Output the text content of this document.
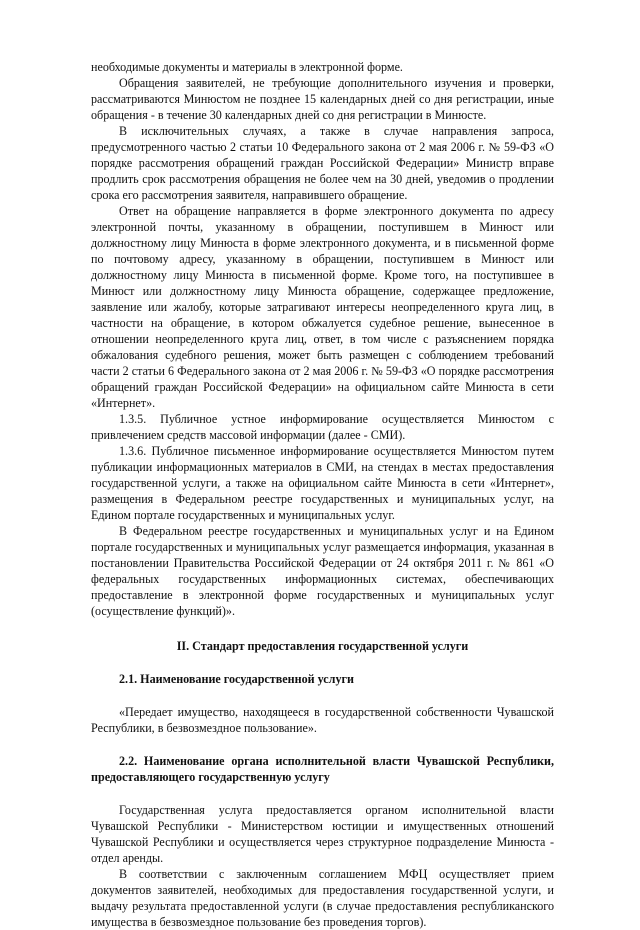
необходимые документы и материалы в электронной форме.

Обращения заявителей, не требующие дополнительного изучения и проверки, рассматриваются Минюстом не позднее 15 календарных дней со дня регистрации, иные обращения - в течение 30 календарных дней со дня регистрации в Минюсте.

В исключительных случаях, а также в случае направления запроса, предусмотренного частью 2 статьи 10 Федерального закона от 2 мая 2006 г. № 59-ФЗ «О порядке рассмотрения обращений граждан Российской Федерации» Министр вправе продлить срок рассмотрения обращения не более чем на 30 дней, уведомив о продлении срока его рассмотрения заявителя, направившего обращение.

Ответ на обращение направляется в форме электронного документа по адресу электронной почты, указанному в обращении, поступившем в Минюст или должностному лицу Минюста в форме электронного документа, и в письменной форме по почтовому адресу, указанному в обращении, поступившем в Минюст или должностному лицу Минюста в письменной форме. Кроме того, на поступившее в Минюст или должностному лицу Минюста обращение, содержащее предложение, заявление или жалобу, которые затрагивают интересы неопределенного круга лиц, в частности на обращение, в котором обжалуется судебное решение, вынесенное в отношении неопределенного круга лиц, ответ, в том числе с разъяснением порядка обжалования судебного решения, может быть размещен с соблюдением требований части 2 статьи 6 Федерального закона от 2 мая 2006 г. № 59-ФЗ «О порядке рассмотрения обращений граждан Российской Федерации» на официальном сайте Минюста в сети «Интернет».

1.3.5. Публичное устное информирование осуществляется Минюстом с привлечением средств массовой информации (далее - СМИ).

1.3.6. Публичное письменное информирование осуществляется Минюстом путем публикации информационных материалов в СМИ, на стендах в местах предоставления государственной услуги, а также на официальном сайте Минюста в сети «Интернет», размещения в Федеральном реестре государственных и муниципальных услуг, на Едином портале государственных и муниципальных услуг.

В Федеральном реестре государственных и муниципальных услуг и на Едином портале государственных и муниципальных услуг размещается информация, указанная в постановлении Правительства Российской Федерации от 24 октября 2011 г. № 861 «О федеральных государственных информационных системах, обеспечивающих предоставление в электронной форме государственных и муниципальных услуг (осуществление функций)».

II. Стандарт предоставления государственной услуги

2.1. Наименование государственной услуги

«Передает имущество, находящееся в государственной собственности Чувашской Республики, в безвозмездное пользование».

2.2. Наименование органа исполнительной власти Чувашской Республики, предоставляющего государственную услугу

Государственная услуга предоставляется органом исполнительной власти Чувашской Республики - Министерством юстиции и имущественных отношений Чувашской Республики и осуществляется через структурное подразделение Минюста - отдел аренды.

В соответствии с заключенным соглашением МФЦ осуществляет прием документов заявителей, необходимых для предоставления государственной услуги, и выдачу результата предоставленной услуги (в случае предоставления республиканского имущества в безвозмездное пользование без проведения торгов).
